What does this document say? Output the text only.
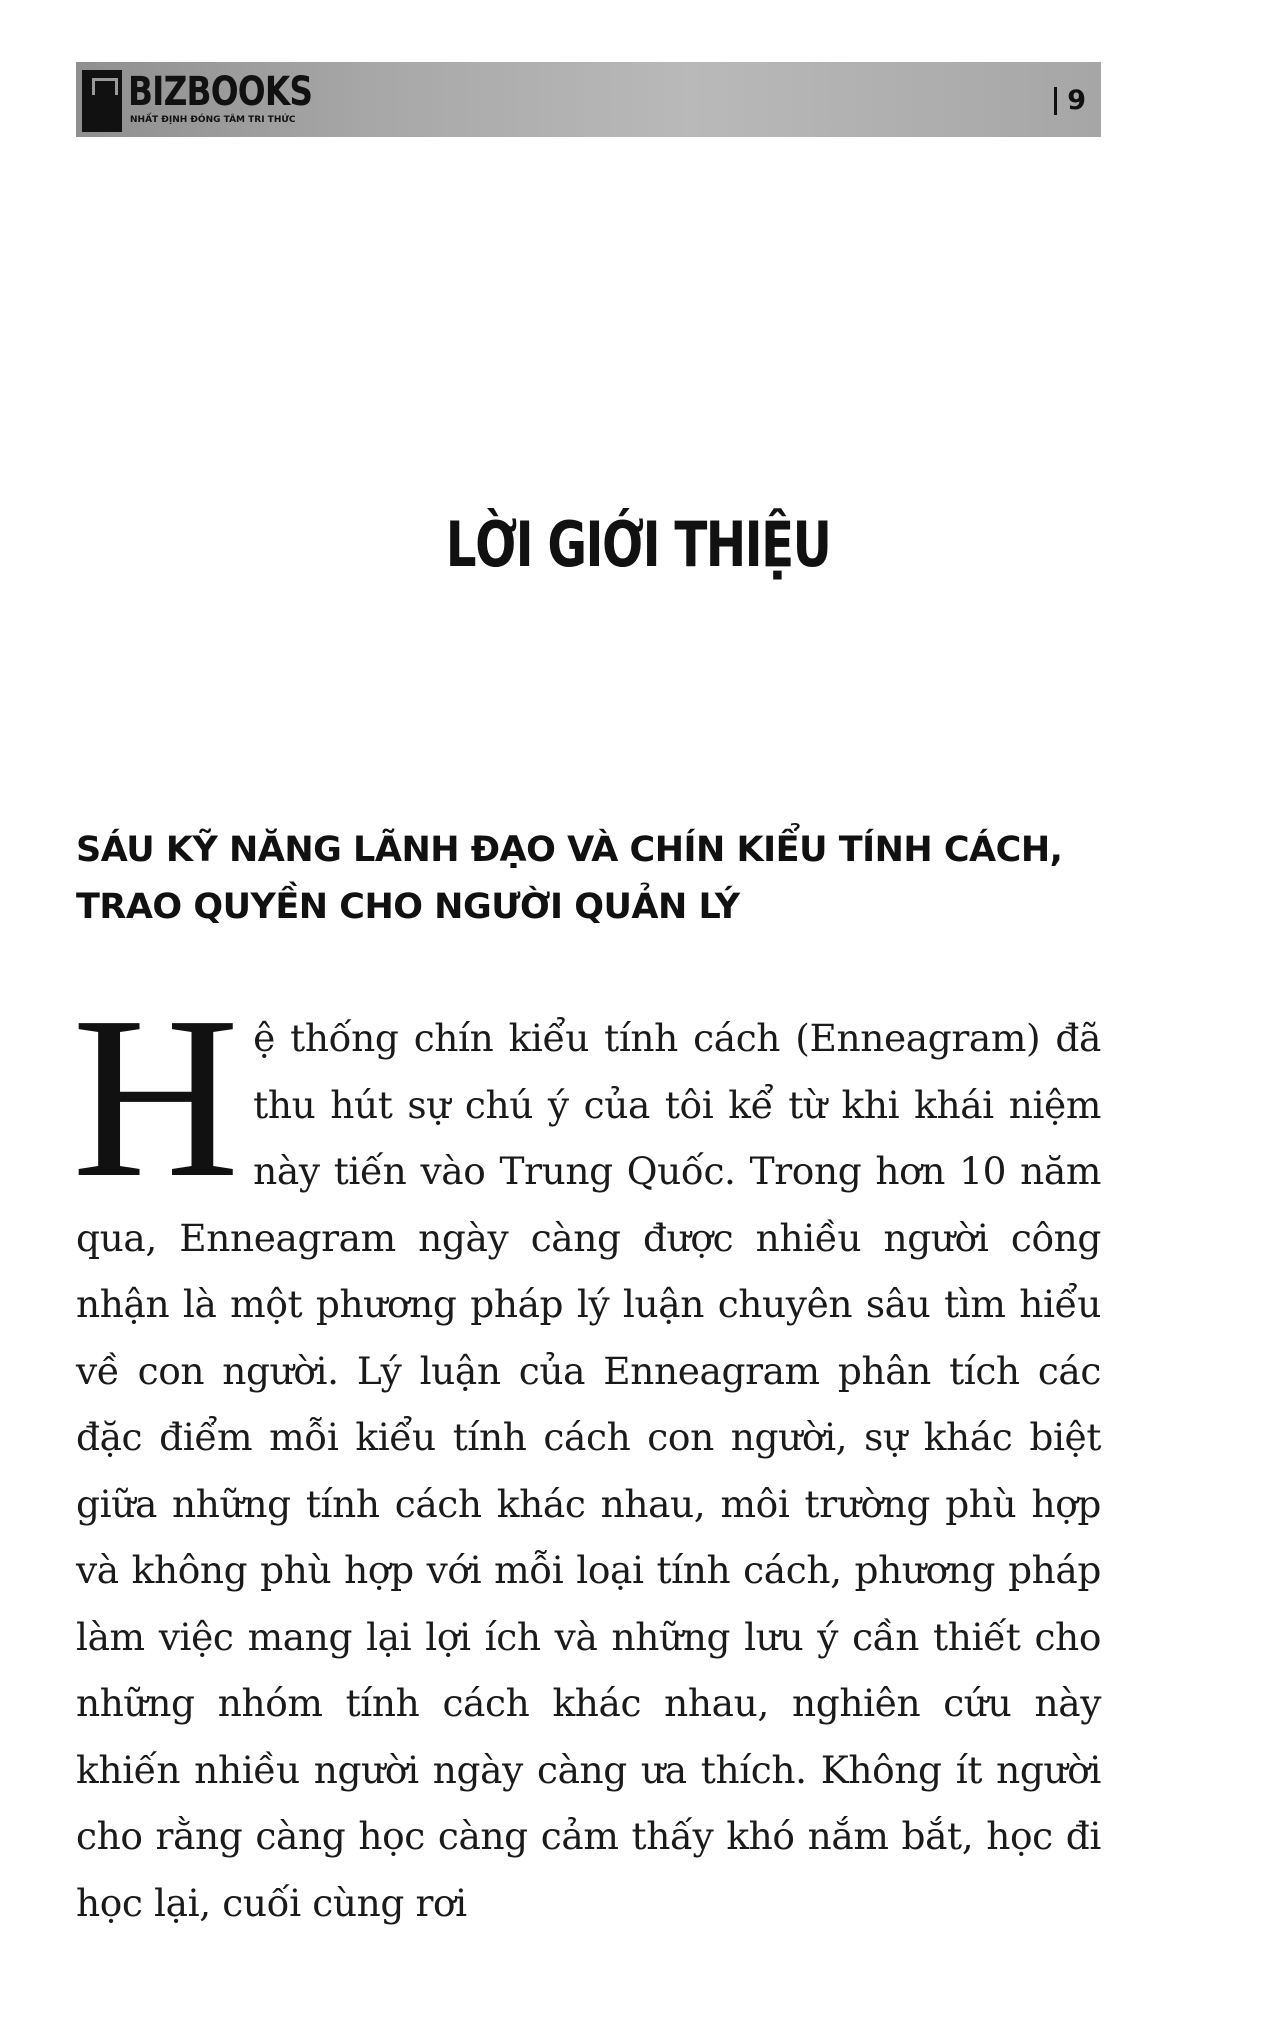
BIZBOOKS
NHẤT ĐỊNH ĐÓNG TÂM TRI THỨC
9
LỜI GIỚI THIỆU
SÁU KỸ NĂNG LÃNH ĐẠO VÀ CHÍN KIỂU TÍNH CÁCH,
TRAO QUYỀN CHO NGƯỜI QUẢN LÝ
Hệ thống chín kiểu tính cách (Enneagram) đã thu hút sự chú ý của tôi kể từ khi khái niệm này tiến vào Trung Quốc. Trong hơn 10 năm qua, Enneagram ngày càng được nhiều người công nhận là một phương pháp lý luận chuyên sâu tìm hiểu về con người. Lý luận của Enneagram phân tích các đặc điểm mỗi kiểu tính cách con người, sự khác biệt giữa những tính cách khác nhau, môi trường phù hợp và không phù hợp với mỗi loại tính cách, phương pháp làm việc mang lại lợi ích và những lưu ý cần thiết cho những nhóm tính cách khác nhau, nghiên cứu này khiến nhiều người ngày càng ưa thích. Không ít người cho rằng càng học càng cảm thấy khó nắm bắt, học đi học lại, cuối cùng rơi
